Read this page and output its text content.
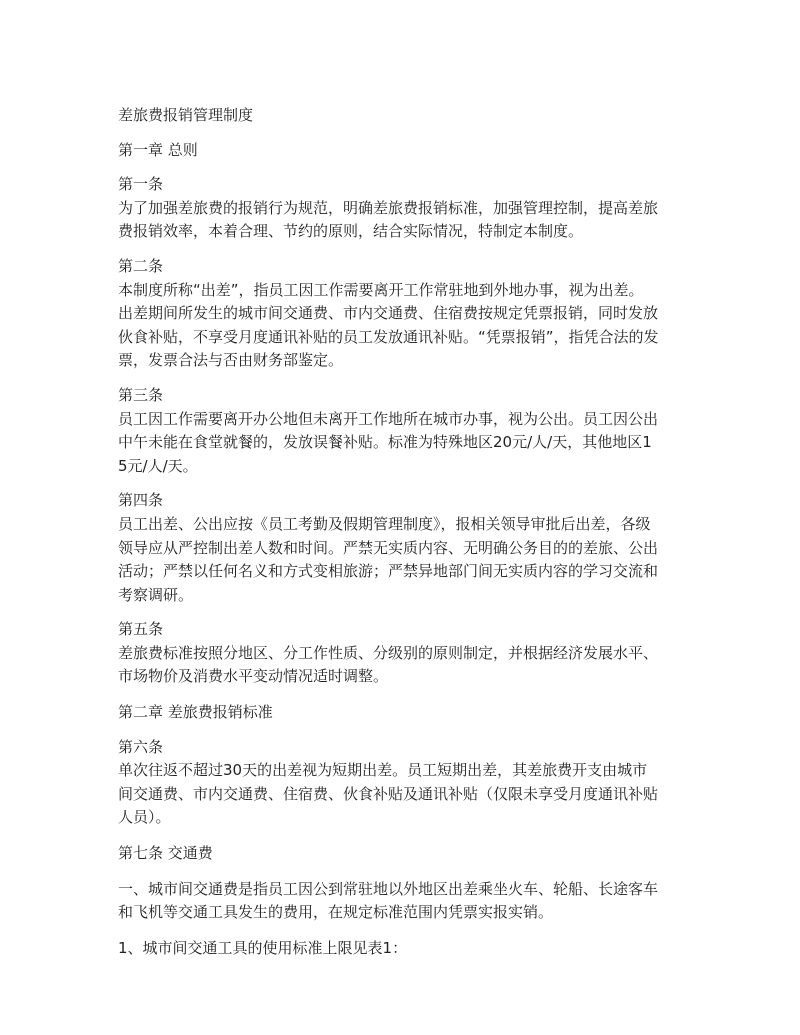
差旅费报销管理制度
第一章 总则
第一条
为了加强差旅费的报销行为规范，明确差旅费报销标准，加强管理控制，提高差旅
费报销效率，本着合理、节约的原则，结合实际情况，特制定本制度。
第二条
本制度所称“出差”，指员工因工作需要离开工作常驻地到外地办事，视为出差。
出差期间所发生的城市间交通费、市内交通费、住宿费按规定凭票报销，同时发放
伙食补贴，不享受月度通讯补贴的员工发放通讯补贴。“凭票报销”，指凭合法的发
票，发票合法与否由财务部鉴定。
第三条
员工因工作需要离开办公地但未离开工作地所在城市办事，视为公出。员工因公出
中午未能在食堂就餐的，发放误餐补贴。标准为特殊地区20元/人/天，其他地区1
5元/人/天。
第四条
员工出差、公出应按《员工考勤及假期管理制度》，报相关领导审批后出差，各级
领导应从严控制出差人数和时间。严禁无实质内容、无明确公务目的的差旅、公出
活动；严禁以任何名义和方式变相旅游；严禁异地部门间无实质内容的学习交流和
考察调研。
第五条
差旅费标准按照分地区、分工作性质、分级别的原则制定，并根据经济发展水平、
市场物价及消费水平变动情况适时调整。
第二章 差旅费报销标准
第六条
单次往返不超过30天的出差视为短期出差。员工短期出差，其差旅费开支由城市
间交通费、市内交通费、住宿费、伙食补贴及通讯补贴（仅限未享受月度通讯补贴
人员）。
第七条 交通费
一、城市间交通费是指员工因公到常驻地以外地区出差乘坐火车、轮船、长途客车
和飞机等交通工具发生的费用，在规定标准范围内凭票实报实销。
1、城市间交通工具的使用标准上限见表1：
